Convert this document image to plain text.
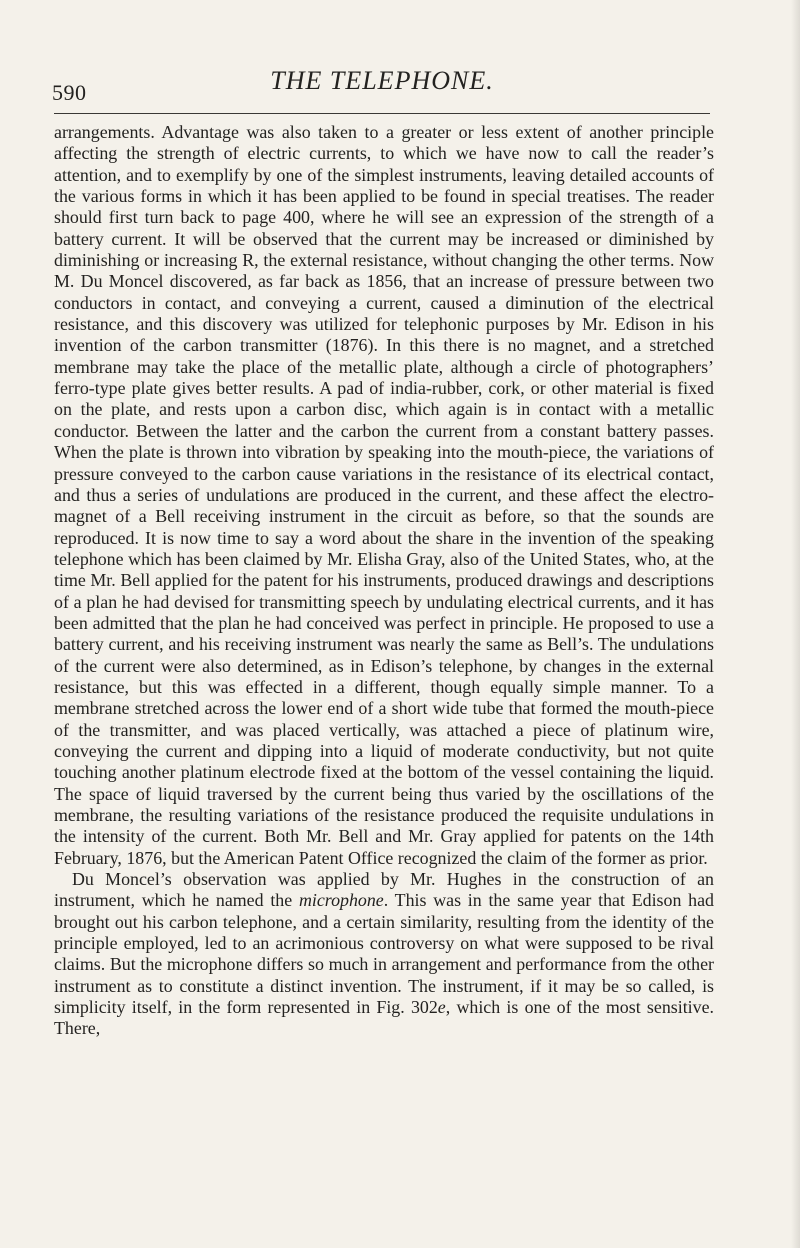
590	THE TELEPHONE.

arrangements. Advantage was also taken to a greater or less extent of another principle affecting the strength of electric currents, to which we have now to call the reader’s attention, and to exemplify by one of the simplest instruments, leaving detailed accounts of the various forms in which it has been applied to be found in special treatises. The reader should first turn back to page 400, where he will see an expression of the strength of a battery current. It will be observed that the current may be increased or diminished by diminishing or increasing R, the external resistance, without changing the other terms. Now M. Du Moncel discovered, as far back as 1856, that an increase of pressure between two conductors in contact, and conveying a current, caused a diminution of the electrical resistance, and this discovery was utilized for telephonic purposes by Mr. Edison in his invention of the carbon transmitter (1876). In this there is no magnet, and a stretched membrane may take the place of the metallic plate, although a circle of photographers’ ferro-type plate gives better results. A pad of india-rubber, cork, or other material is fixed on the plate, and rests upon a carbon disc, which again is in contact with a metallic conductor. Between the latter and the carbon the current from a constant battery passes. When the plate is thrown into vibration by speaking into the mouth-piece, the variations of pressure conveyed to the carbon cause variations in the resistance of its electrical contact, and thus a series of undulations are produced in the current, and these affect the electro-magnet of a Bell receiving instrument in the circuit as before, so that the sounds are reproduced. It is now time to say a word about the share in the invention of the speaking telephone which has been claimed by Mr. Elisha Gray, also of the United States, who, at the time Mr. Bell applied for the patent for his instruments, produced drawings and descriptions of a plan he had devised for transmitting speech by undulating electrical currents, and it has been admitted that the plan he had conceived was perfect in principle. He proposed to use a battery current, and his receiving instrument was nearly the same as Bell’s. The undulations of the current were also determined, as in Edison’s telephone, by changes in the external resistance, but this was effected in a different, though equally simple manner. To a membrane stretched across the lower end of a short wide tube that formed the mouth-piece of the transmitter, and was placed vertically, was attached a piece of platinum wire, conveying the current and dipping into a liquid of moderate conductivity, but not quite touching another platinum electrode fixed at the bottom of the vessel containing the liquid. The space of liquid traversed by the current being thus varied by the oscillations of the membrane, the resulting variations of the resistance produced the requisite undulations in the intensity of the current. Both Mr. Bell and Mr. Gray applied for patents on the 14th February, 1876, but the American Patent Office recognized the claim of the former as prior.

Du Moncel’s observation was applied by Mr. Hughes in the construction of an instrument, which he named the microphone. This was in the same year that Edison had brought out his carbon telephone, and a certain similarity, resulting from the identity of the principle employed, led to an acrimonious controversy on what were supposed to be rival claims. But the microphone differs so much in arrangement and performance from the other instrument as to constitute a distinct invention. The instrument, if it may be so called, is simplicity itself, in the form represented in Fig. 302e, which is one of the most sensitive. There,
